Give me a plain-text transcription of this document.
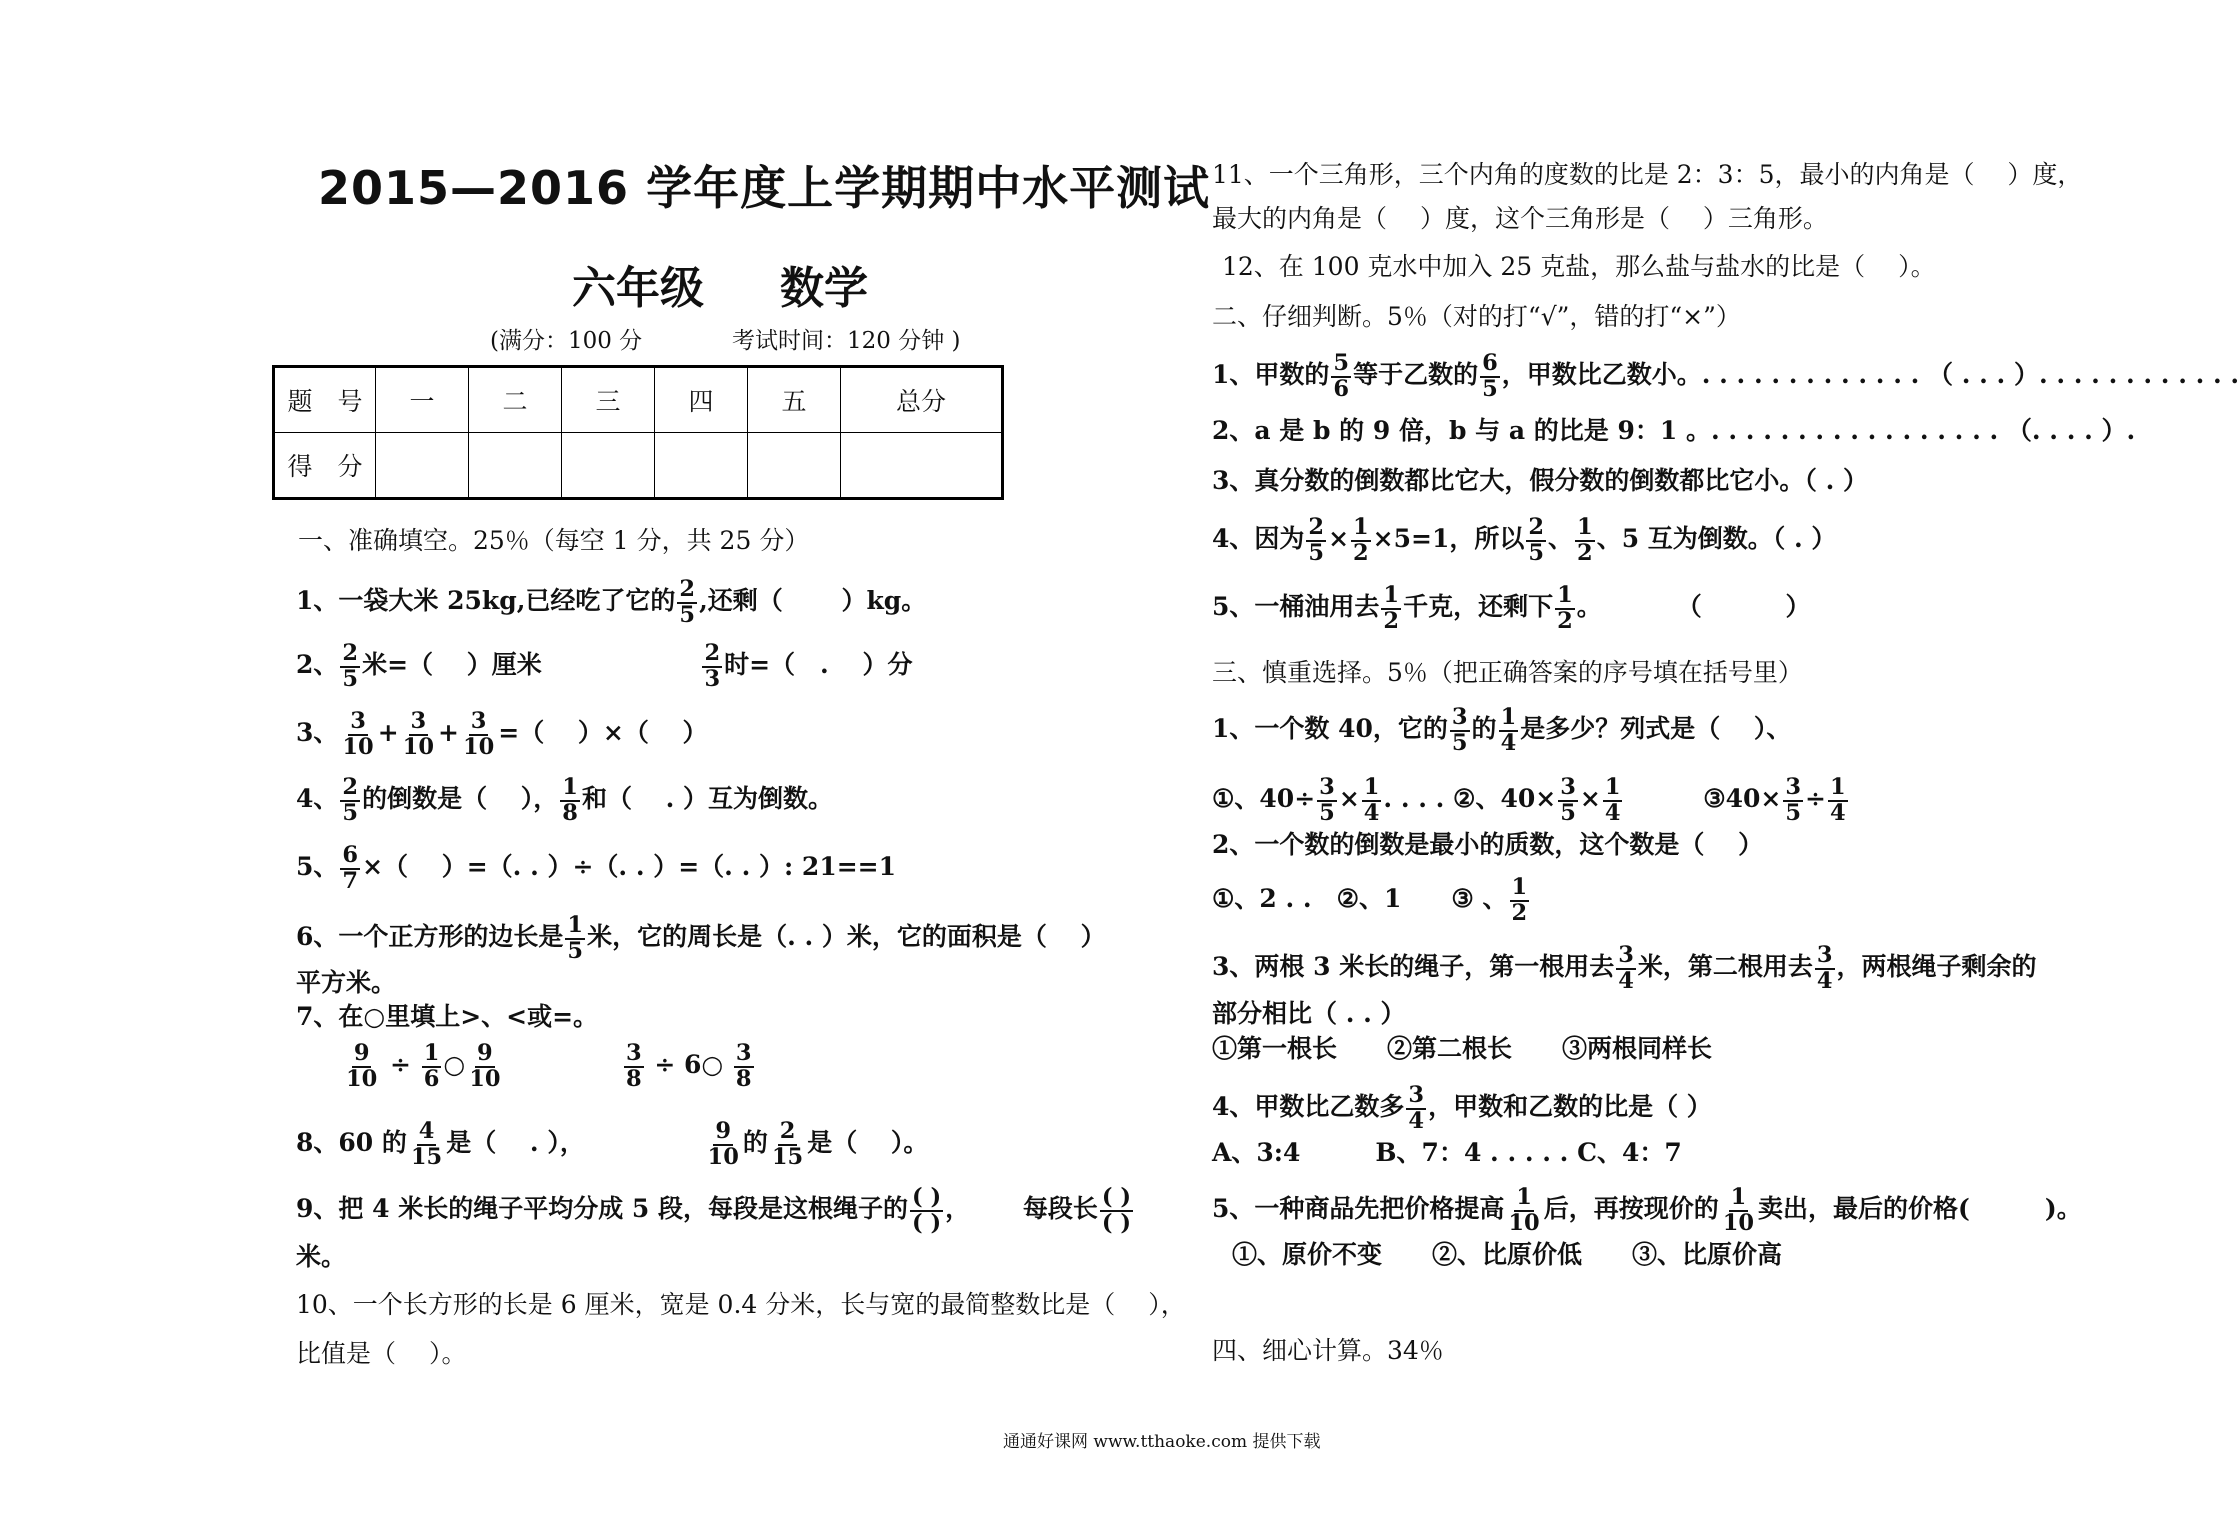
2015—2016 学年度上学期期中水平测试
六年级 数学
(满分：100 分	考试时间：120 分钟 )
题　号	一	二	三	四	五	总分
得　分						
一、准确填空。25％（每空 1 分，共 25 分）
1、一袋大米 25kg,已经吃了它的 $\frac{2}{5}$ ,还剩（　　 ）kg。
2、 $\frac{2}{5}$ 米=（　 ）厘米	$\frac{2}{3}$ 时=（　. 　）分
3、 $\frac{3}{10} + \frac{3}{10} + \frac{3}{10}$ =（　 ）×（　 ）
4、 $\frac{2}{5}$ 的倒数是（　 ）， $\frac{1}{8}$ 和（ 　. ）互为倒数。
5、 $\frac{6}{7}$ ×（　 ）=（. . ）÷（. . ）=（. . ）: 21==1
6、一个正方形的边长是 $\frac{1}{5}$ 米，它的周长是（. . ）米，它的面积是（　 ）
平方米。
7、在○里填上>、<或=。
$\frac{9}{10} \div \frac{1}{6}$ ○ $\frac{9}{10}$
	$\frac{3}{8}$ ÷ 6○ $\frac{3}{8}$
8、60 的 $\frac{4}{15}$ 是（ 　. ），	$\frac{9}{10}$ 的 $\frac{2}{15}$ 是（　 ）。
9、把 4 米长的绳子平均分成 5 段，每段是这根绳子的 $\frac{( )}{( )}$ ， 每段长 $\frac{( )}{( )}$
米。
10、一个长方形的长是 6 厘米，宽是 0.4 分米，长与宽的最简整数比是（　 ），
比值是（　 ）。
11、一个三角形，三个内角的度数的比是 2：3：5，最小的内角是（　 ）度，
最大的内角是（　 ）度，这个三角形是（　 ）三角形。
12、在 100 克水中加入 25 克盐，那么盐与盐水的比是（　 ）。
二、仔细判断。5％（对的打“√”，错的打“×”）
1、甲数的 $\frac{5}{6}$ 等于乙数的 $\frac{6}{5}$ ，甲数比乙数小。. . . . . . . . . . . . . （ . . . ）. . . . . . . . . . . .
2、a 是 b 的 9 倍，b 与 a 的比是 9：1 。. . . . . . . . . . . . . . . . . （. . . . ）.
3、真分数的倒数都比它大，假分数的倒数都比它小。（ . ）
4、因为 $\frac{2}{5} \times \frac{1}{2} \times 5=1$，所以 $\frac{2}{5}$ 、 $\frac{1}{2}$ 、5 互为倒数。（ . ）
5、一桶油用去 $\frac{1}{2}$ 千克，还剩下 $\frac{1}{2}$ 。　　　　（　　　 ）
三、慎重选择。5％（把正确答案的序号填在括号里）
1、一个数 40，它的 $\frac{3}{5}$ 的 $\frac{1}{4}$ 是多少？列式是（　 ）、
①、$40\div \frac{3}{5} \times \frac{1}{4}$ . . . . ②、$40\times \frac{3}{5} \times \frac{1}{4}$	③40× $\frac{3}{5} \div \frac{1}{4}$
2、一个数的倒数是最小的质数，这个数是（ 　）
①、2 . .　②、1　　③ 、 $\frac{1}{2}$
3、两根 3 米长的绳子，第一根用去 $\frac{3}{4}$ 米，第二根用去 $\frac{3}{4}$ ，两根绳子剩余的
部分相比（ . . ）
①第一根长　　②第二根长　　③两根同样长
4、甲数比乙数多 $\frac{3}{4}$ ，甲数和乙数的比是（ ）
A、3:4　　　B、7：4 . . . . . C、4：7
5、一种商品先把价格提高 $\frac{1}{10}$ 后，再按现价的 $\frac{1}{10}$ 卖出，最后的价格(　　　)。
①、原价不变　　②、比原价低　　③、比原价高
四、细心计算。34％
通通好课网 www.tthaoke.com 提供下载
